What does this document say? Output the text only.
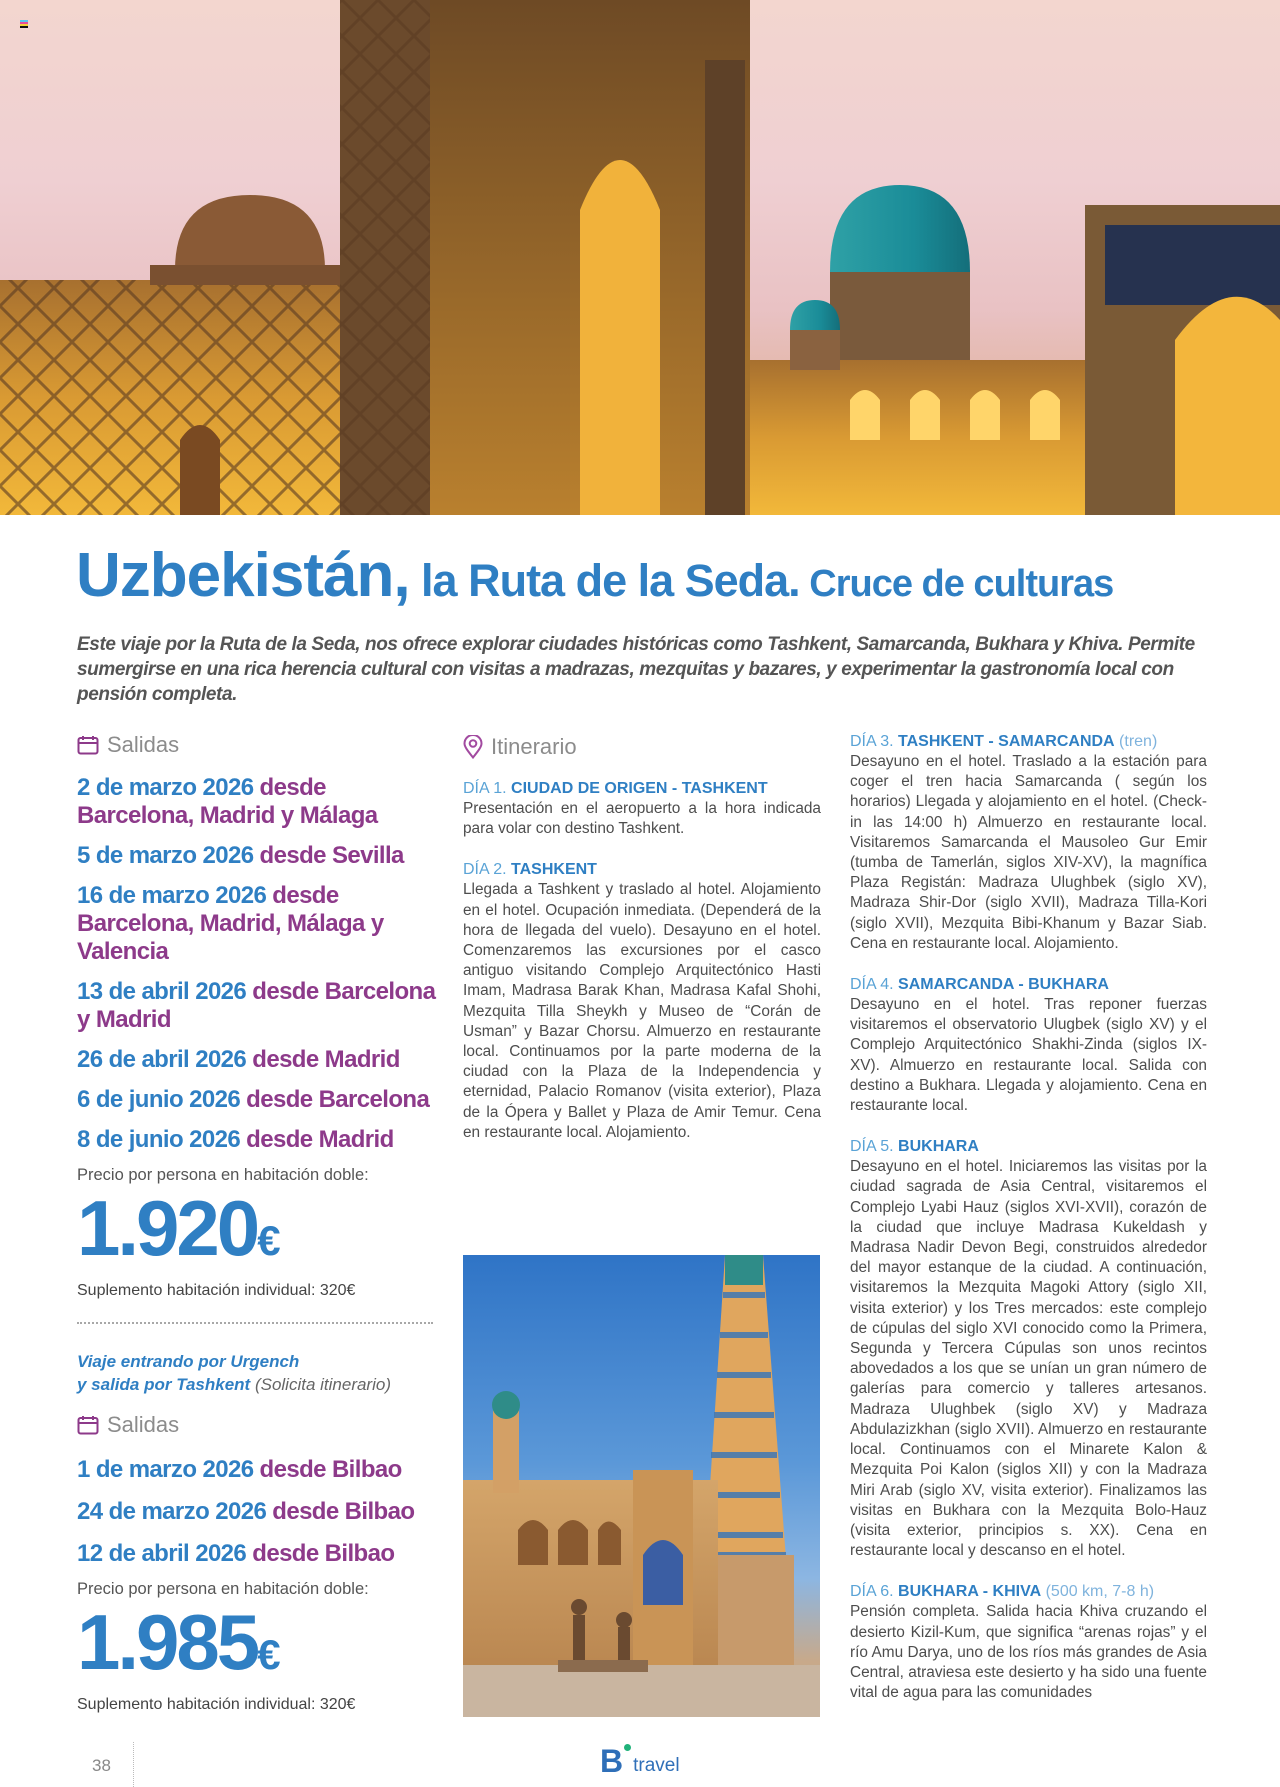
Uzbekistán, la Ruta de la Seda. Cruce de culturas

Este viaje por la Ruta de la Seda, nos ofrece explorar ciudades históricas como Tashkent, Samarcanda, Bukhara y Khiva. Permite sumergirse en una rica herencia cultural con visitas a madrazas, mezquitas y bazares, y experimentar la gastronomía local con pensión completa.

Salidas
2 de marzo 2026 desde Barcelona, Madrid y Málaga
5 de marzo 2026 desde Sevilla
16 de marzo 2026 desde Barcelona, Madrid, Málaga y Valencia
13 de abril 2026 desde Barcelona y Madrid
26 de abril 2026 desde Madrid
6 de junio 2026 desde Barcelona
8 de junio 2026 desde Madrid
Precio por persona en habitación doble:
1.920€
Suplemento habitación individual: 320€
Viaje entrando por Urgench
y salida por Tashkent (Solicita itinerario)
Salidas
1 de marzo 2026 desde Bilbao
24 de marzo 2026 desde Bilbao
12 de abril 2026 desde Bilbao
Precio por persona en habitación doble:
1.985€
Suplemento habitación individual: 320€
Itinerario
DÍA 1. CIUDAD DE ORIGEN - TASHKENT
Presentación en el aeropuerto a la hora indicada para volar con destino Tashkent.
DÍA 2. TASHKENT
Llegada a Tashkent y traslado al hotel. Alojamiento en el hotel. Ocupación inmediata. (Dependerá de la hora de llegada del vuelo). Desayuno en el hotel. Comenzaremos las excursiones por el casco antiguo visitando Complejo Arquitectónico Hasti Imam, Madrasa Barak Khan, Madrasa Kafal Shohi, Mezquita Tilla Sheykh y Museo de “Corán de Usman” y Bazar Chorsu. Almuerzo en restaurante local. Continuamos por la parte moderna de la ciudad con la Plaza de la Independencia y eternidad, Palacio Romanov (visita exterior), Plaza de la Ópera y Ballet y Plaza de Amir Temur. Cena en restaurante local. Alojamiento.
DÍA 3. TASHKENT - SAMARCANDA (tren)
Desayuno en el hotel. Traslado a la estación para coger el tren hacia Samarcanda ( según los horarios) Llegada y alojamiento en el hotel. (Check-in las 14:00 h) Almuerzo en restaurante local. Visitaremos Samarcanda el Mausoleo Gur Emir (tumba de Tamerlán, siglos XIV-XV), la magnífica Plaza Registán: Madraza Ulughbek (siglo XV), Madraza Shir-Dor (siglo XVII), Madraza Tilla-Kori (siglo XVII), Mezquita Bibi-Khanum y Bazar Siab. Cena en restaurante local. Alojamiento.
DÍA 4. SAMARCANDA - BUKHARA
Desayuno en el hotel. Tras reponer fuerzas visitaremos el observatorio Ulugbek (siglo XV) y el Complejo Arquitectónico Shakhi-Zinda (siglos IX-XV). Almuerzo en restaurante local. Salida con destino a Bukhara. Llegada y alojamiento. Cena en restaurante local.
DÍA 5. BUKHARA
Desayuno en el hotel. Iniciaremos las visitas por la ciudad sagrada de Asia Central, visitaremos el Complejo Lyabi Hauz (siglos XVI-XVII), corazón de la ciudad que incluye Madrasa Kukeldash y Madrasa Nadir Devon Begi, construidos alrededor del mayor estanque de la ciudad. A continuación, visitaremos la Mezquita Magoki Attory (siglo XII, visita exterior) y los Tres mercados: este complejo de cúpulas del siglo XVI conocido como la Primera, Segunda y Tercera Cúpulas son unos recintos abovedados a los que se unían un gran número de galerías para comercio y talleres artesanos. Madraza Ulughbek (siglo XV) y Madraza Abdulazizkhan (siglo XVII). Almuerzo en restaurante local. Continuamos con el Minarete Kalon & Mezquita Poi Kalon (siglos XII) y con la Madraza Miri Arab (siglo XV, visita exterior). Finalizamos las visitas en Bukhara con la Mezquita Bolo-Hauz (visita exterior, principios s. XX). Cena en restaurante local y descanso en el hotel.
DÍA 6. BUKHARA - KHIVA (500 km, 7-8 h)
Pensión completa. Salida hacia Khiva cruzando el desierto Kizil-Kum, que significa “arenas rojas” y el río Amu Darya, uno de los ríos más grandes de Asia Central, atraviesa este desierto y ha sido una fuente vital de agua para las comunidades
38	B travel
